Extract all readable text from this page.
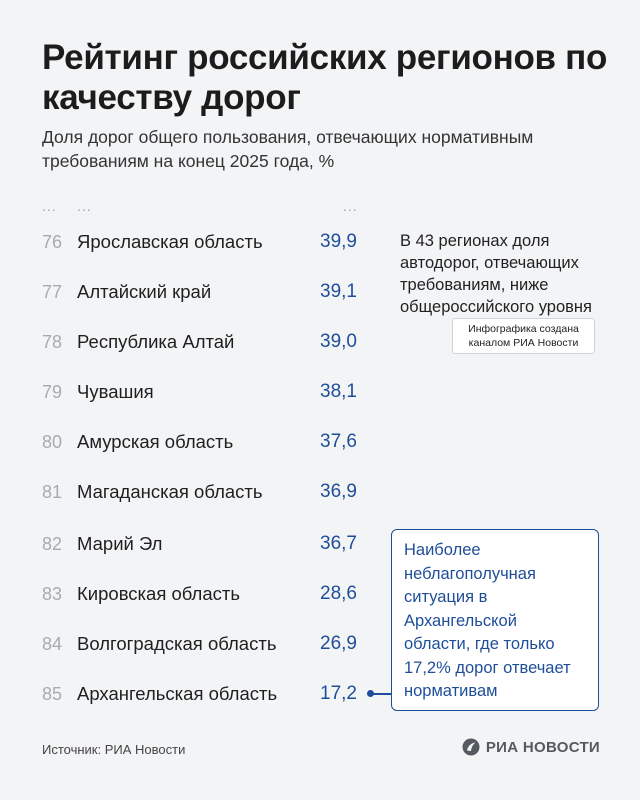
Рейтинг российских регионов по качеству дорог

Доля дорог общего пользования, отвечающих нормативным требованиям на конец 2025 года, %

... ...	...
76 Ярославская область	39,9
77 Алтайский край	39,1
78 Республика Алтай	39,0
79 Чувашия	38,1
80 Амурская область	37,6
81 Магаданская область	36,9
82 Марий Эл	36,7
83 Кировская область	28,6
84 Волгоградская область	26,9
85 Архангельская область	17,2

В 43 регионах доля автодорог, отвечающих требованиям, ниже общероссийского уровня

Инфографика создана каналом РИА Новости

Наиболее неблагополучная ситуация в Архангельской области, где только 17,2% дорог отвечает нормативам

Источник: РИА Новости	РИА НОВОСТИ
